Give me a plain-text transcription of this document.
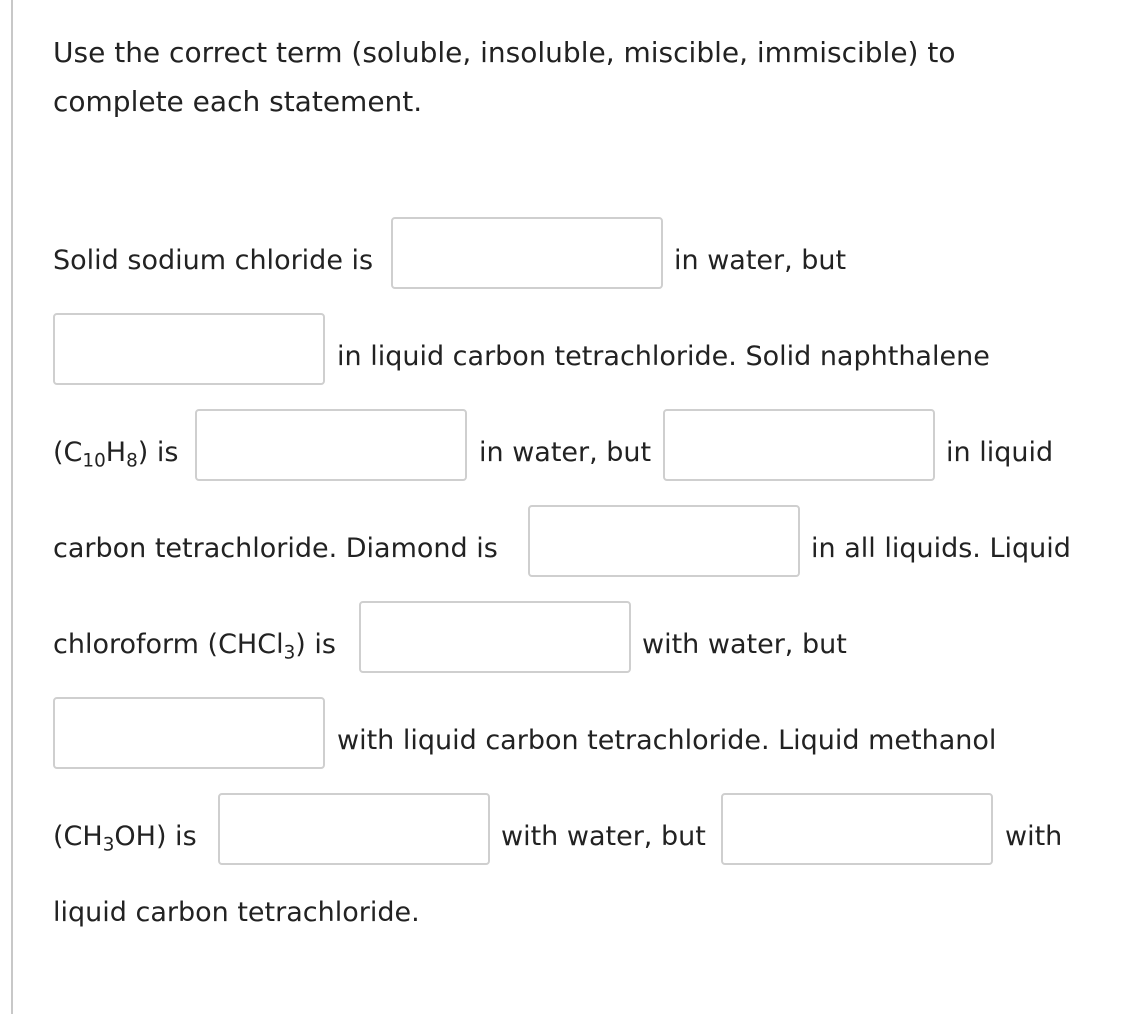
Use the correct term (soluble, insoluble, miscible, immiscible) to complete each statement.

Solid sodium chloride is	in water, but
in liquid carbon tetrachloride. Solid naphthalene
$(C_{10}H_8)$ is	in water, but	in liquid
carbon tetrachloride. Diamond is	in all liquids. Liquid
chloroform (CHCl$_3$) is	with water, but
with liquid carbon tetrachloride. Liquid methanol
$(CH_3OH)$ is	with water, but	with
liquid carbon tetrachloride.
